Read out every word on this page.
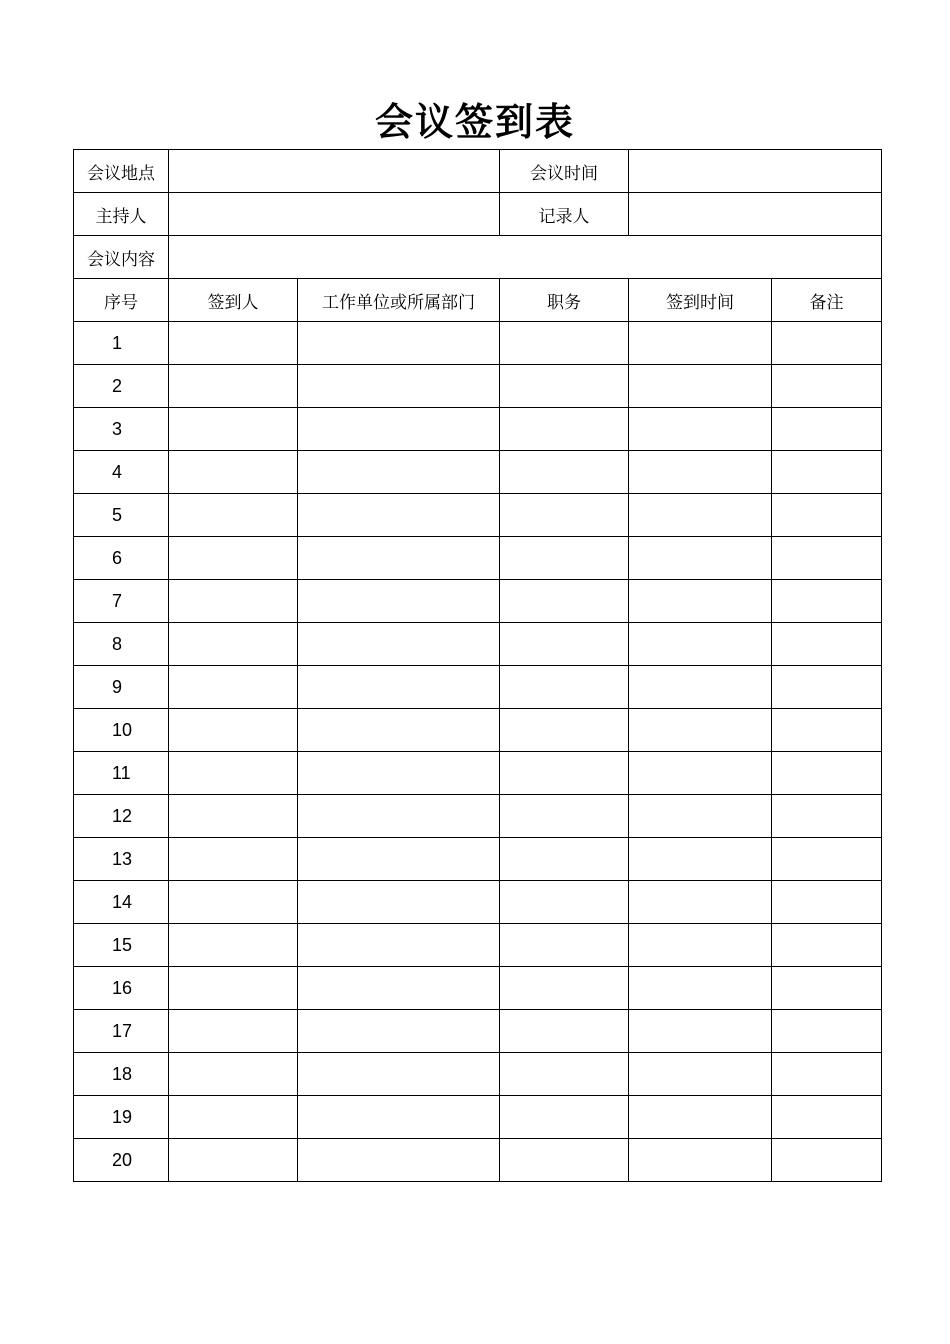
会议签到表
会议地点			会议时间		
主持人			记录人		
会议内容					
序号	签到人	工作单位或所属部门	职务	签到时间	备注
1					
2					
3					
4					
5					
6					
7					
8					
9					
10					
11					
12					
13					
14					
15					
16					
17					
18					
19					
20					
